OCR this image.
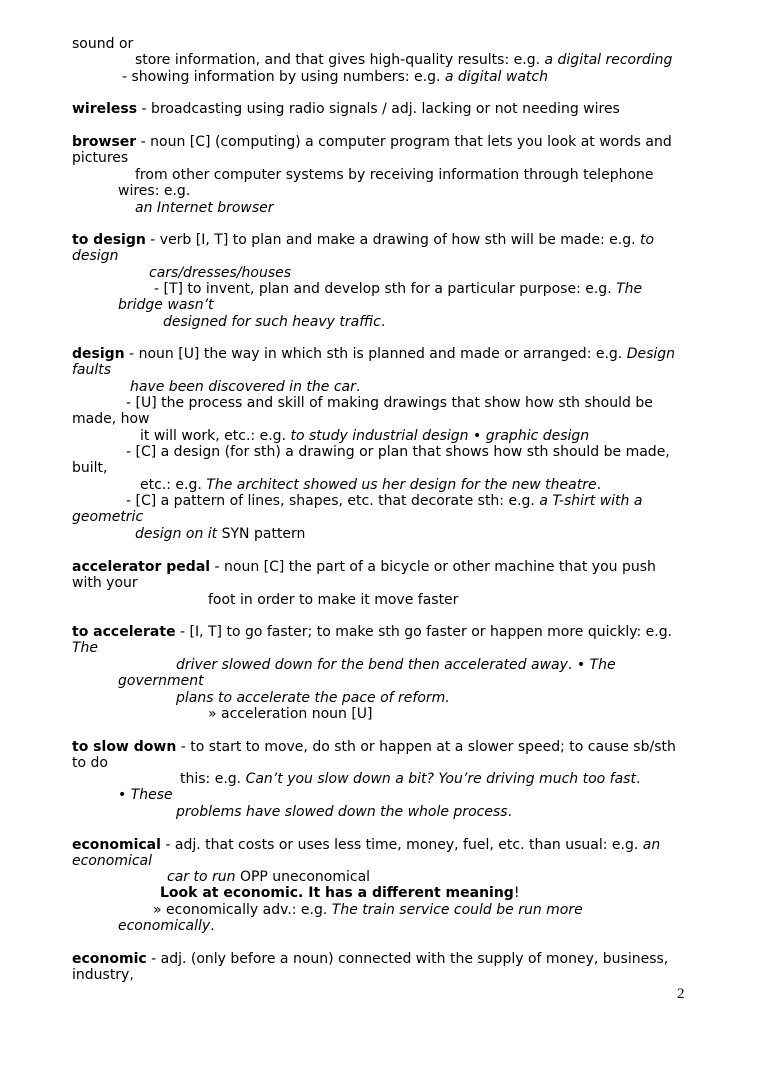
sound or
store information, and that gives high-quality results: e.g. a digital recording
- showing information by using numbers: e.g. a digital watch
wireless - broadcasting using radio signals / adj. lacking or not needing wires
browser - noun [C] (computing) a computer program that lets you look at words and
pictures
from other computer systems by receiving information through telephone
wires: e.g.
an Internet browser
to design - verb [I, T] to plan and make a drawing of how sth will be made: e.g. to
design
cars/dresses/houses
- [T] to invent, plan and develop sth for a particular purpose: e.g. The
bridge wasn’t
designed for such heavy traffic.
design - noun [U] the way in which sth is planned and made or arranged: e.g. Design
faults
have been discovered in the car.
- [U] the process and skill of making drawings that show how sth should be
made, how
it will work, etc.: e.g. to study industrial design • graphic design
- [C] a design (for sth) a drawing or plan that shows how sth should be made,
built,
etc.: e.g. The architect showed us her design for the new theatre.
- [C] a pattern of lines, shapes, etc. that decorate sth: e.g. a T-shirt with a
geometric
design on it SYN pattern
accelerator pedal - noun [C] the part of a bicycle or other machine that you push
with your
foot in order to make it move faster
to accelerate - [I, T] to go faster; to make sth go faster or happen more quickly: e.g.
The
driver slowed down for the bend then accelerated away. • The
government
plans to accelerate the pace of reform.
» acceleration noun [U]
to slow down - to start to move, do sth or happen at a slower speed; to cause sb/sth
to do
this: e.g. Can’t you slow down a bit? You’re driving much too fast.
• These
problems have slowed down the whole process.
economical - adj. that costs or uses less time, money, fuel, etc. than usual: e.g. an
economical
car to run OPP uneconomical
Look at economic. It has a different meaning!
» economically adv.: e.g. The train service could be run more
economically.
economic - adj. (only before a noun) connected with the supply of money, business,
industry,
2
